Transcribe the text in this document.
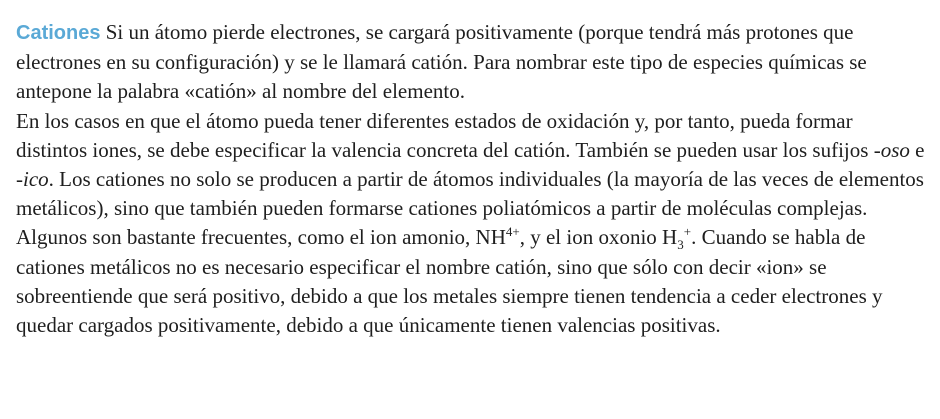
Cationes Si un átomo pierde electrones, se cargará positivamente (porque tendrá más protones que electrones en su configuración) y se le llamará catión. Para nombrar este tipo de especies químicas se antepone la palabra «catión» al nombre del elemento.

En los casos en que el átomo pueda tener diferentes estados de oxidación y, por tanto, pueda formar distintos iones, se debe especificar la valencia concreta del catión. También se pueden usar los sufijos -oso e -ico. Los cationes no solo se producen a partir de átomos individuales (la mayoría de las veces de elementos metálicos), sino que también pueden formarse cationes poliatómicos a partir de moléculas complejas.

Algunos son bastante frecuentes, como el ion amonio, $NH^{4+}$, y el ion oxonio $H_3^+$. Cuando se habla de cationes metálicos no es necesario especificar el nombre catión, sino que sólo con decir «ion» se sobreentiende que será positivo, debido a que los metales siempre tienen tendencia a ceder electrones y quedar cargados positivamente, debido a que únicamente tienen valencias positivas.
